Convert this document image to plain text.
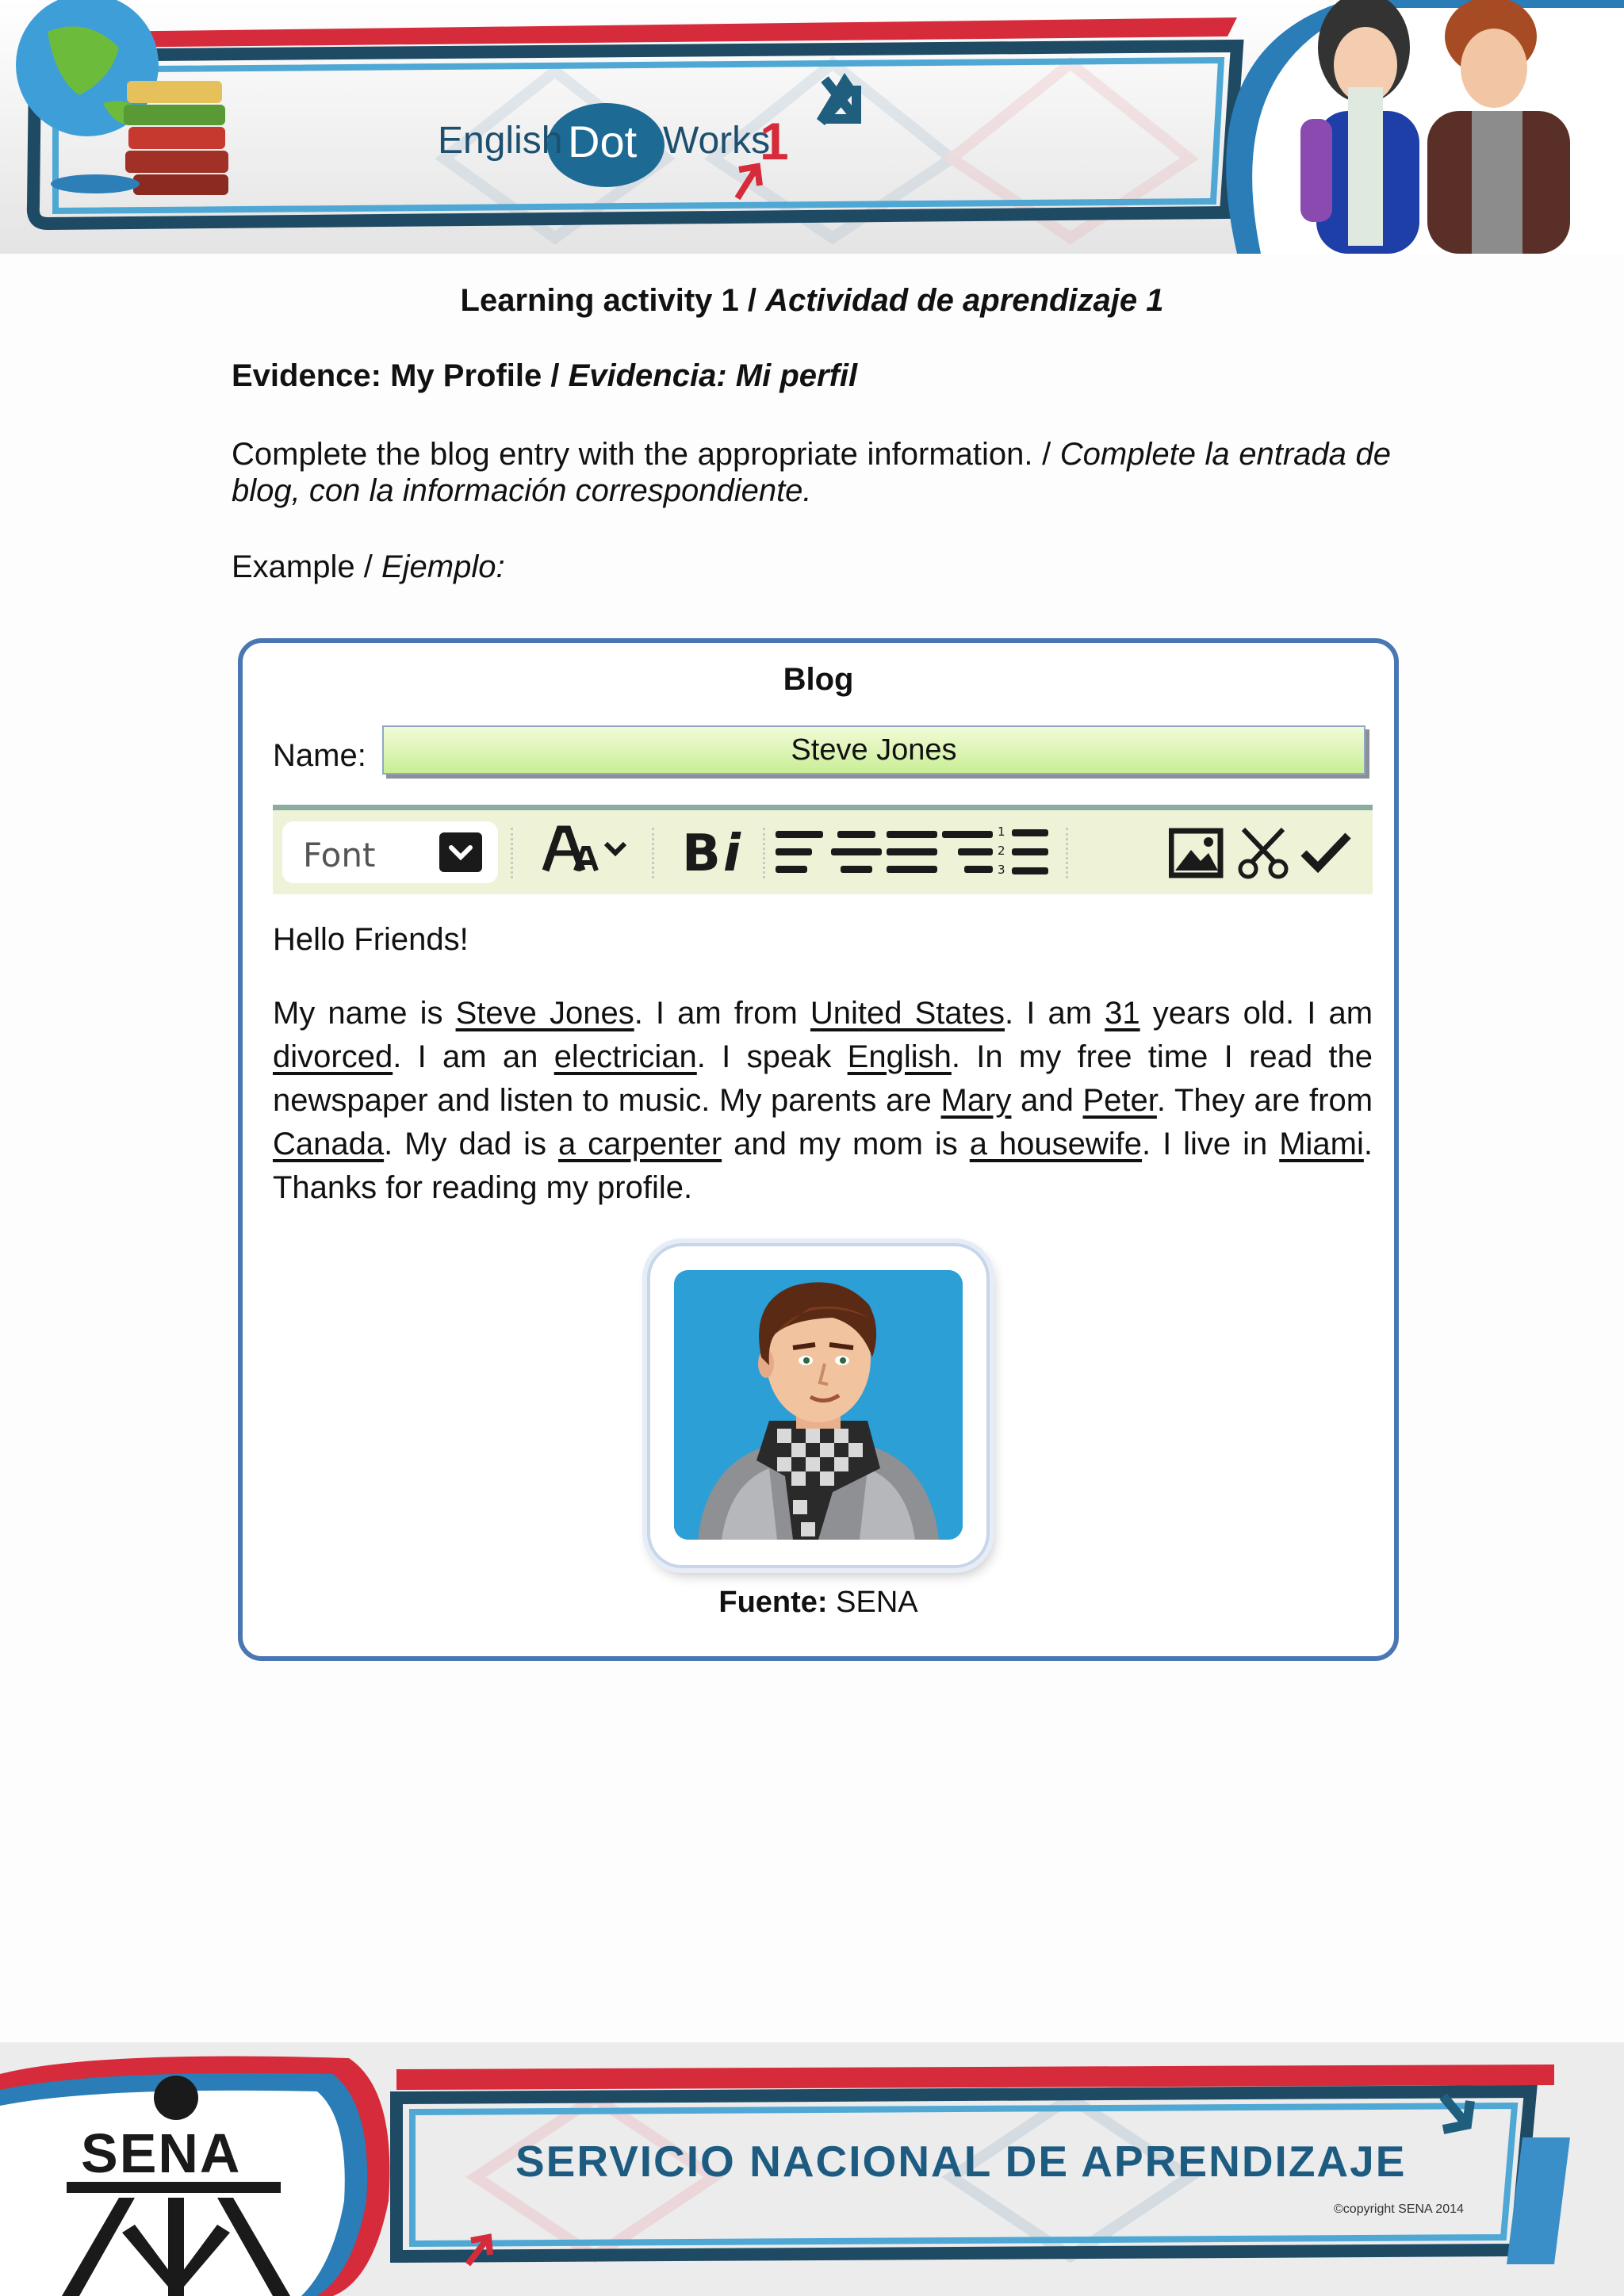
English Dot Works
1

Learning activity 1 / Actividad de aprendizaje 1

Evidence: My Profile / Evidencia: Mi perfil

Complete the blog entry with the appropriate information. / Complete la entrada de blog, con la información correspondiente.

Example / Ejemplo:

Blog

Name:	Steve Jones
Font	B i	1
2
3

Hello Friends!

My name is Steve Jones. I am from United States. I am 31 years old. I am divorced. I am an electrician. I speak English. In my free time I read the newspaper and listen to music. My parents are Mary and Peter. They are from Canada. My dad is a carpenter and my mom is a housewife. I live in Miami. Thanks for reading my profile.

Fuente: SENA

SENA	SERVICIO NACIONAL DE APRENDIZAJE
©copyright SENA 2014
